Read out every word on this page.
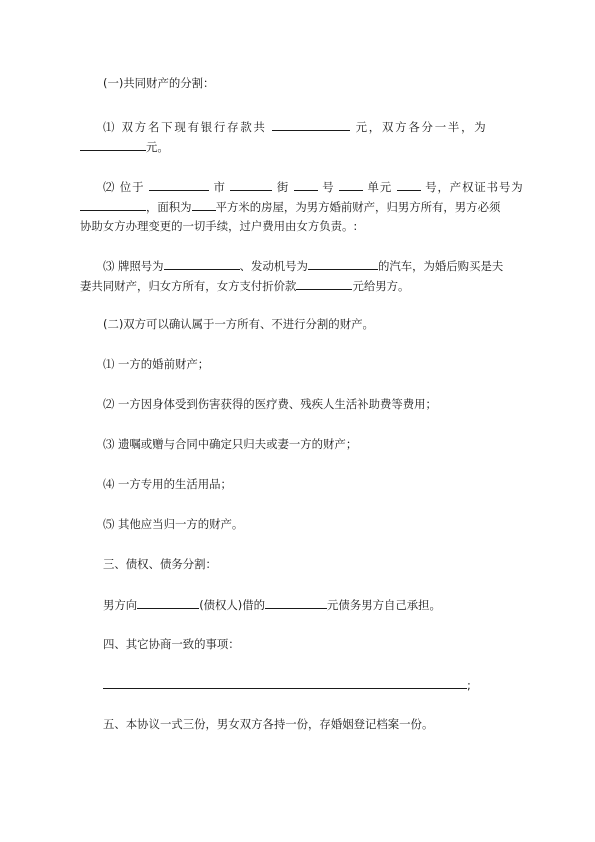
(一)共同财产的分割：
⑴ 双方名下现有银行存款共	元，双方各分一半，为
元。
⑵ 位于	市	街	号	单元	号，产权证书号为
，面积为 平方米的房屋，为男方婚前财产，归男方所有，男方必须
协助女方办理变更的一切手续，过户费用由女方负责。:
⑶ 牌照号为	、发动机号为	的汽车，为婚后购买是夫
妻共同财产，归女方所有，女方支付折价款	元给男方。
(二)双方可以确认属于一方所有、不进行分割的财产。
⑴ 一方的婚前财产；
⑵ 一方因身体受到伤害获得的医疗费、残疾人生活补助费等费用；
⑶ 遗嘱或赠与合同中确定只归夫或妻一方的财产；
⑷ 一方专用的生活用品；
⑸ 其他应当归一方的财产。
三、债权、债务分割：
男方向	(债权人)借的	元债务男方自己承担。
四、其它协商一致的事项：
;
五、本协议一式三份，男女双方各持一份，存婚姻登记档案一份。
